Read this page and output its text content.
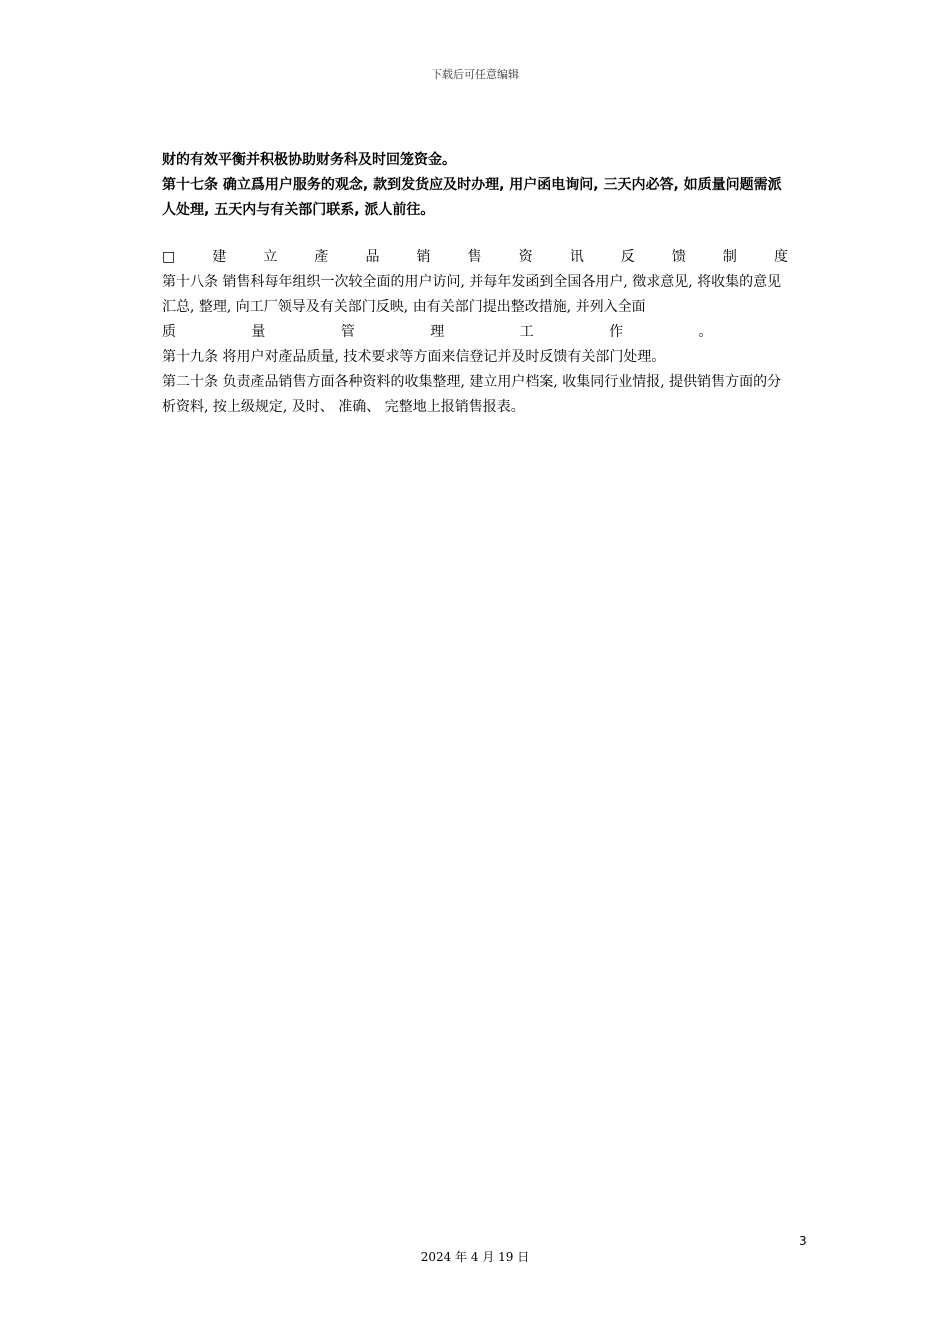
下载后可任意编辑

财的有效平衡并积极协助财务科及时回笼资金。

第十七条 确立爲用户服务的观念, 款到发货应及时办理, 用户函电询问, 三天内必答, 如质量问题需派人处理, 五天内与有关部门联系, 派人前往。

□	建	立	產	品	销	售	资	讯	反	馈	制	度

第十八条 销售科每年组织一次较全面的用户访问, 并每年发函到全国各用户, 徵求意见, 将收集的意见汇总, 整理, 向工厂领导及有关部门反映, 由有关部门提出整改措施, 并列入全面

质	量	管	理	工	作	。

第十九条 将用户对產品质量, 技术要求等方面来信登记并及时反馈有关部门处理。

第二十条 负责產品销售方面各种资料的收集整理, 建立用户档案, 收集同行业情报, 提供销售方面的分析资料, 按上级规定, 及时、 准确、 完整地上报销售报表。

3
2024 年 4 月 19 日
